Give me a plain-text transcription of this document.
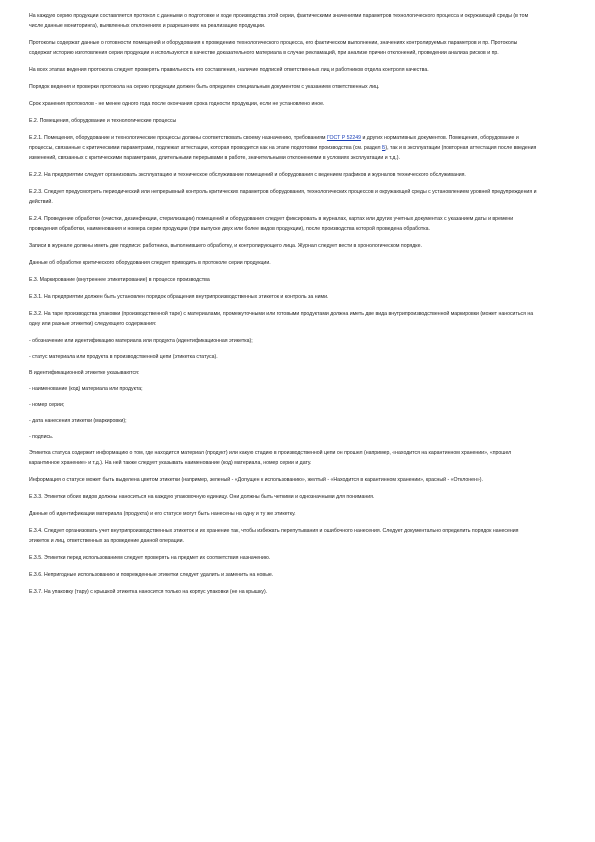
На каждую серию продукции составляется протокол с данными о подготовке и ходе производства этой серии, фактическими значениями параметров технологического процесса и окружающей среды (в том числе данные мониторинга), выявленных отклонениях и разрешениях на реализацию продукции.

Протоколы содержат данные о готовности помещений и оборудования к проведению технологического процесса, его фактическом выполнении, значениях контролируемых параметров и пр. Протоколы содержат историю изготовления серии продукции и используются в качестве доказательного материала в случае рекламаций, при анализе причин отклонений, проведении анализа рисков и пр.

На всех этапах ведения протокола следует проверять правильность его составления, наличие подписей ответственных лиц и работников отдела контроля качества.

Порядок ведения и проверки протокола на серию продукции должен быть определен специальным документом с указанием ответственных лиц.

Срок хранения протоколов - не менее одного года после окончания срока годности продукции, если не установлено иное.

Е.2. Помещения, оборудование и технологические процессы

Е.2.1. Помещения, оборудование и технологические процессы должны соответствовать своему назначению, требованиям ГОСТ Р 52249 и других нормативных документов. Помещения, оборудование и процессы, связанные с критическими параметрами, подлежат аттестации, которая проводится как на этапе подготовки производства (см. раздел Б), так и в эксплуатации (повторная аттестация после введения изменений, связанных с критическими параметрами, длительными перерывами в работе, значительными отклонениями в условиях эксплуатации и т.д.).

Е.2.2. На предприятии следует организовать эксплуатацию и техническое обслуживание помещений и оборудования с ведением графиков и журналов технического обслуживания.

Е.2.3. Следует предусмотреть периодический или непрерывный контроль критических параметров оборудования, технологических процессов и окружающей среды с установлением уровней предупреждения и действий.

Е.2.4. Проведение обработки (очистки, дезинфекции, стерилизации) помещений и оборудования следует фиксировать в журналах, картах или других учетных документах с указанием даты и времени проведения обработки, наименования и номера серии продукции (при выпуске двух или более видов продукции), после производства которой проведена обработка.

Записи в журнале должны иметь две подписи: работника, выполнившего обработку, и контролирующего лица. Журнал следует вести в хронологическом порядке.

Данные об обработке критического оборудования следует приводить в протоколе серии продукции.

Е.3. Маркирование (внутреннее этикетирование) в процессе производства

Е.3.1. На предприятии должен быть установлен порядок обращения внутрипроизводственных этикеток и контроль за ними.

Е.3.2. На таре производства упаковки (производственной таре) с материалами, промежуточными или готовыми продуктами должна иметь две вида внутрипроизводственной маркировки (может наноситься на одну или разные этикетки) следующего содержания:

- обозначение или идентификацию материала или продукта (идентификационная этикетка);

- статус материала или продукта в производственной цепи (этикетка статуса).

В идентификационной этикетке указываются:

- наименование (код) материала или продукта;

- номер серии;

- дата нанесения этикетки (маркировки);

- подпись.

Этикетка статуса содержит информацию о том, где находится материал (продукт) или какую стадию в производственной цепи он прошел (например, «находится на карантинном хранении», «прошел карантинное хранение» и т.д.). На ней также следует указывать наименование (код) материала, номер серии и дату.

Информация о статусе может быть выделена цветом этикетки (например, зеленый - «Допущен к использованию», желтый - «Находится в карантинном хранении», красный - «Отклонен»).

Е.3.3. Этикетки обоих видов должны наноситься на каждую упаковочную единицу. Они должны быть четкими и однозначными для понимания.

Данные об идентификации материала (продукта) и его статусе могут быть нанесены на одну и ту же этикетку.

Е.3.4. Следует организовать учет внутрипроизводственных этикеток и их хранение так, чтобы избежать перепутывания и ошибочного нанесения. Следует документально определить порядок нанесения этикеток и лиц, ответственных за проведение данной операции.

Е.3.5. Этикетки перед использованием следует проверять на предмет их соответствия назначению.

Е.3.6. Непригодные использованию и поврежденные этикетки следует удалить и заменить на новые.

Е.3.7. На упаковку (тару) с крышкой этикетка наносится только на корпус упаковки (не на крышку).
